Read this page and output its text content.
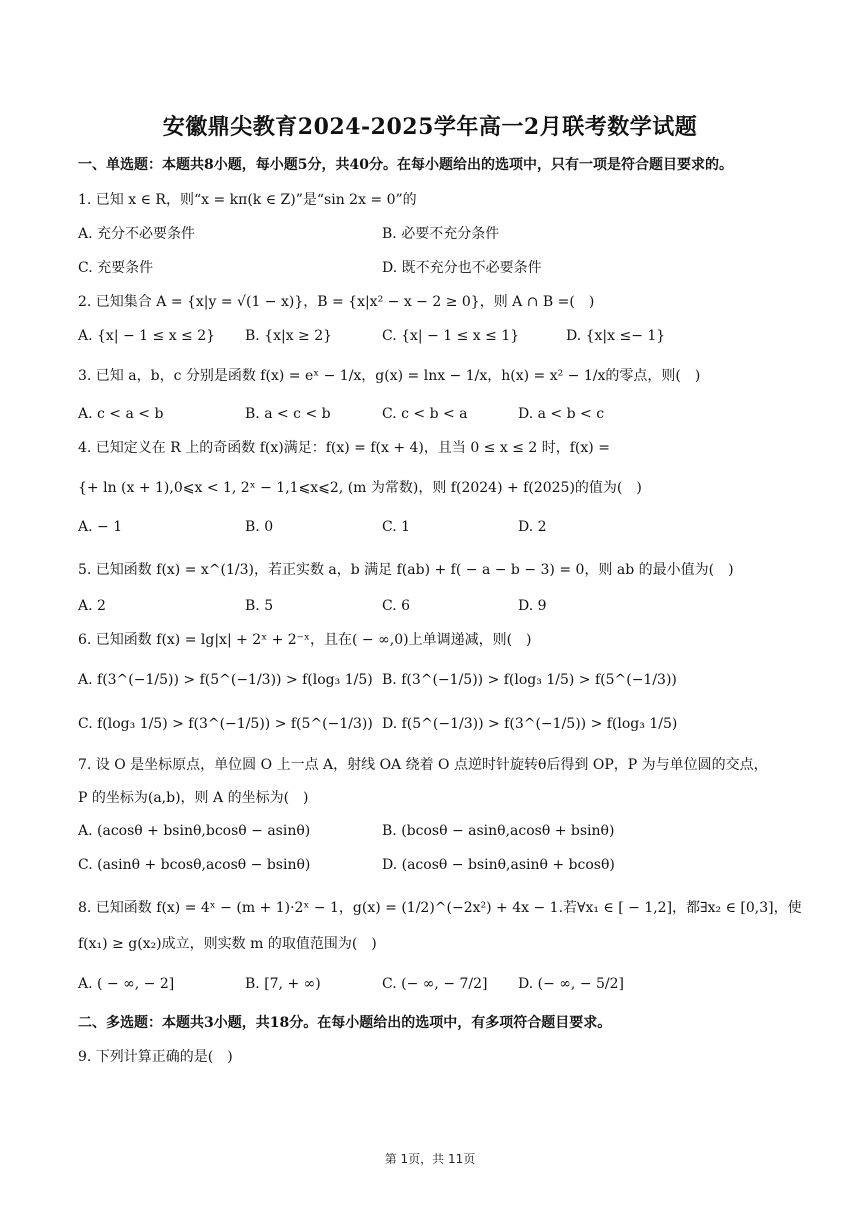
安徽鼎尖教育2024-2025学年高一2月联考数学试题
一、单选题：本题共8小题，每小题5分，共40分。在每小题给出的选项中，只有一项是符合题目要求的。
1. 已知 x ∈ R，则“x = kπ(k ∈ Z)”是“sin 2x = 0”的
A. 充分不必要条件	B. 必要不充分条件
C. 充要条件	D. 既不充分也不必要条件
2. 已知集合 A = {x|y = √(1 − x)}，B = {x|x² − x − 2 ≥ 0}，则 A ∩ B =(　)
A. {x| − 1 ≤ x ≤ 2} B. {x|x ≥ 2}	C. {x| − 1 ≤ x ≤ 1}	D. {x|x ≤− 1}
3. 已知 a，b，c 分别是函数 f(x) = eˣ − 1/x，g(x) = lnx − 1/x，h(x) = x² − 1/x的零点，则(　)
A. c < a < b	B. a < c < b	C. c < b < a	D. a < b < c
4. 已知定义在 R 上的奇函数 f(x)满足：f(x) = f(x + 4)，且当 0 ≤ x ≤ 2 时，f(x) =
{+ ln (x + 1),0⩽x < 1, 2ˣ − 1,1⩽x⩽2, (m 为常数)，则 f(2024) + f(2025)的值为(　)
A. − 1	B. 0	C. 1	D. 2
5. 已知函数 f(x) = x^(1/3)，若正实数 a，b 满足 f(ab) + f( − a − b − 3) = 0，则 ab 的最小值为(　)
A. 2	B. 5	C. 6	D. 9
6. 已知函数 f(x) = lg|x| + 2ˣ + 2⁻ˣ，且在( − ∞,0)上单调递减，则(　)
A. f(3^(−1/5)) > f(5^(−1/3)) > f(log₃ 1/5) B. f(3^(−1/5)) > f(log₃ 1/5) > f(5^(−1/3))
C. f(log₃ 1/5) > f(3^(−1/5)) > f(5^(−1/3)) D. f(5^(−1/3)) > f(3^(−1/5)) > f(log₃ 1/5)
7. 设 O 是坐标原点，单位圆 O 上一点 A，射线 OA 绕着 O 点逆时针旋转θ后得到 OP，P 为与单位圆的交点，
P 的坐标为(a,b)，则 A 的坐标为(　)
A. (acosθ + bsinθ,bcosθ − asinθ)	B. (bcosθ − asinθ,acosθ + bsinθ)
C. (asinθ + bcosθ,acosθ − bsinθ)	D. (acosθ − bsinθ,asinθ + bcosθ)
8. 已知函数 f(x) = 4ˣ − (m + 1)·2ˣ − 1，g(x) = (1/2)^(−2x²) + 4x − 1.若∀x₁ ∈ [ − 1,2]，都∃x₂ ∈ [0,3]，使
f(x₁) ≥ g(x₂)成立，则实数 m 的取值范围为(　)
A. ( − ∞, − 2]	B. [7, + ∞)	C. (− ∞, − 7/2] D. (− ∞, − 5/2]
二、多选题：本题共3小题，共18分。在每小题给出的选项中，有多项符合题目要求。
9. 下列计算正确的是(　)
第 1页，共 11页
